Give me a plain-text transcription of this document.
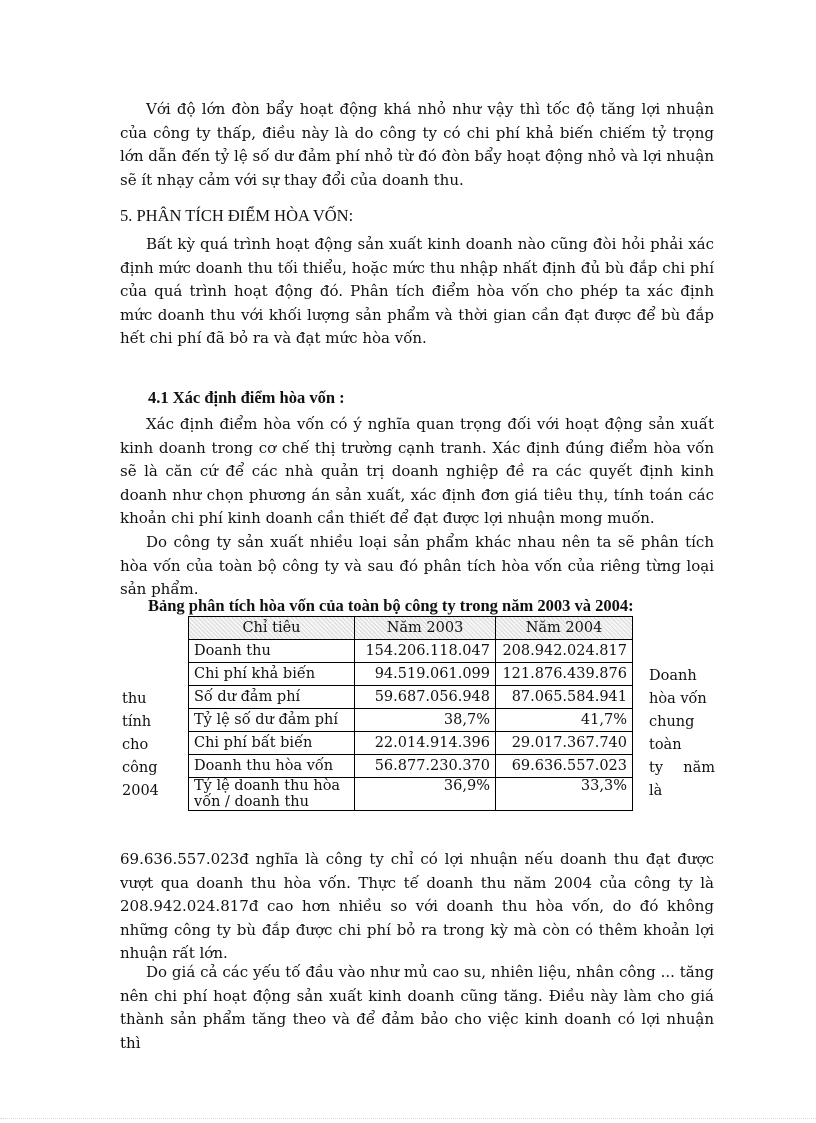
Với độ lớn đòn bẩy hoạt động khá nhỏ như vậy thì tốc độ tăng lợi nhuận của công ty thấp, điều này là do công ty có chi phí khả biến chiếm tỷ trọng lớn dẫn đến tỷ lệ số dư đảm phí nhỏ từ đó đòn bẩy hoạt động nhỏ và lợi nhuận sẽ ít nhạy cảm với sự thay đổi của doanh thu.

5. PHÂN TÍCH ĐIỂM HÒA VỐN:

Bất kỳ quá trình hoạt động sản xuất kinh doanh nào cũng đòi hỏi phải xác định mức doanh thu tối thiểu, hoặc mức thu nhập nhất định đủ bù đắp chi phí của quá trình hoạt động đó. Phân tích điểm hòa vốn cho phép ta xác định mức doanh thu với khối lượng sản phẩm và thời gian cần đạt được để bù đắp hết chi phí đã bỏ ra và đạt mức hòa vốn.

4.1 Xác định điểm hòa vốn :

Xác định điểm hòa vốn có ý nghĩa quan trọng đối với hoạt động sản xuất kinh doanh trong cơ chế thị trường cạnh tranh. Xác định đúng điểm hòa vốn sẽ là căn cứ để các nhà quản trị doanh nghiệp đề ra các quyết định kinh doanh như chọn phương án sản xuất, xác định đơn giá tiêu thụ, tính toán các khoản chi phí kinh doanh cần thiết để đạt được lợi nhuận mong muốn.

Do công ty sản xuất nhiều loại sản phẩm khác nhau nên ta sẽ phân tích hòa vốn của toàn bộ công ty và sau đó phân tích hòa vốn của riêng từng loại sản phẩm.

Bảng phân tích hòa vốn của toàn bộ công ty trong năm 2003 và 2004:

Chỉ tiêu	Năm 2003	Năm 2004
Doanh thu	154.206.118.047	208.942.024.817
Chi phí khả biến	94.519.061.099	121.876.439.876
Số dư đảm phí	59.687.056.948	87.065.584.941
Tỷ lệ số dư đảm phí	38,7%	41,7%
Chi phí bất biến	22.014.914.396	29.017.367.740
Doanh thu hòa vốn	56.877.230.370	69.636.557.023
Tỷ lệ doanh thu hòa vốn / doanh thu	36,9%	33,3%

thu

tính

cho

công

2004

Doanh

hòa vốn

chung

toàn

ty năm

là

69.636.557.023đ nghĩa là công ty chỉ có lợi nhuận nếu doanh thu đạt được vượt qua doanh thu hòa vốn. Thực tế doanh thu năm 2004 của công ty là 208.942.024.817đ cao hơn nhiều so với doanh thu hòa vốn, do đó không những công ty bù đắp được chi phí bỏ ra trong kỳ mà còn có thêm khoản lợi nhuận rất lớn.

Do giá cả các yếu tố đầu vào như mủ cao su, nhiên liệu, nhân công ... tăng nên chi phí hoạt động sản xuất kinh doanh cũng tăng. Điều này làm cho giá thành sản phẩm tăng theo và để đảm bảo cho việc kinh doanh có lợi nhuận thì
